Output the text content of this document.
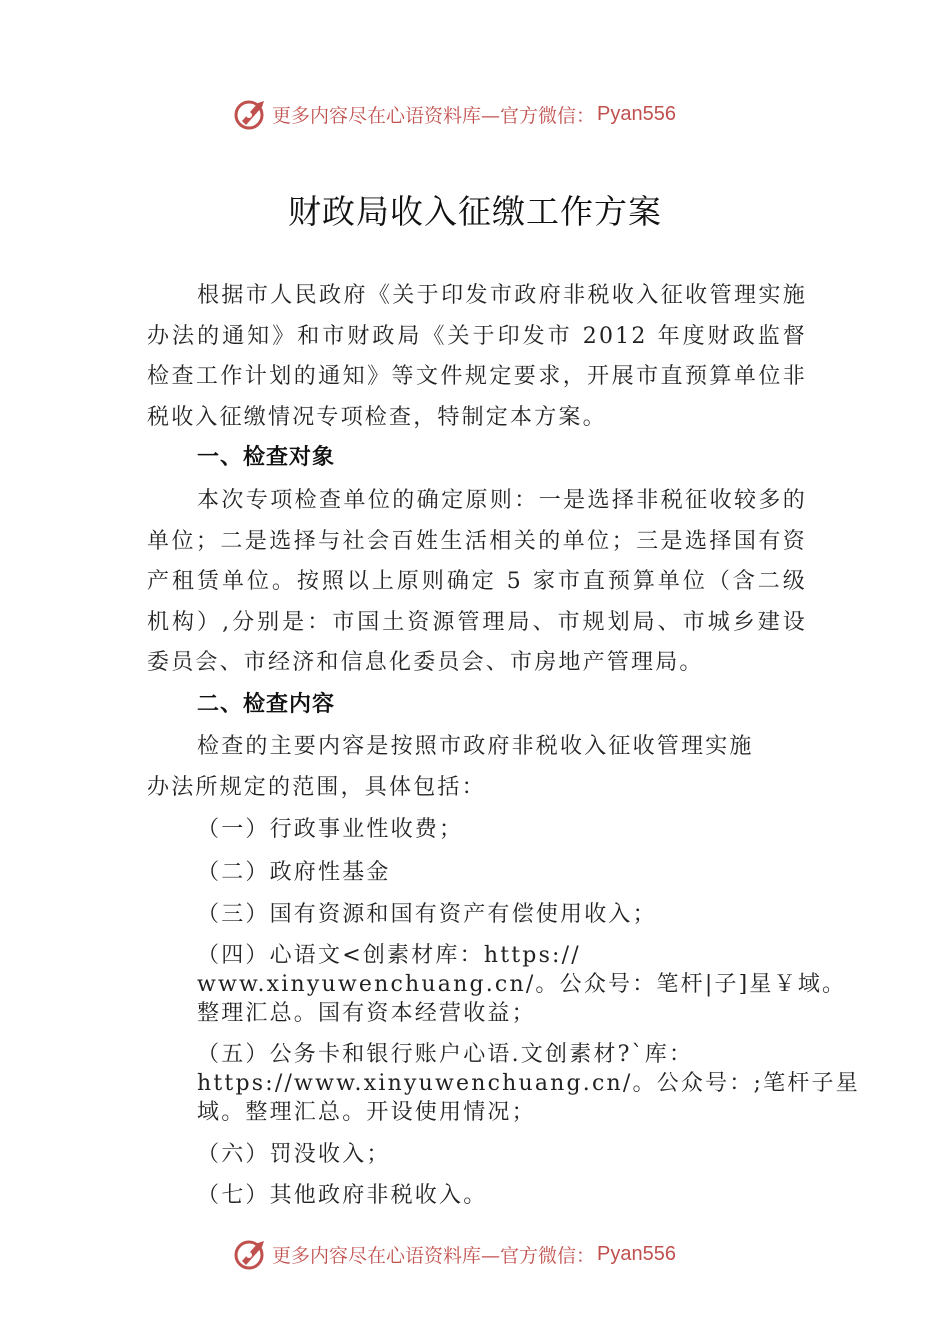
更多内容尽在心语资料库—官方微信： Pyan556
财政局收入征缴工作方案

根据市人民政府《关于印发市政府非税收入征收管理实施办法的通知》和市财政局《关于印发市 2012 年度财政监督检查工作计划的通知》等文件规定要求，开展市直预算单位非税收入征缴情况专项检查，特制定本方案。

一、检查对象

本次专项检查单位的确定原则：一是选择非税征收较多的单位；二是选择与社会百姓生活相关的单位；三是选择国有资产租赁单位。按照以上原则确定 5 家市直预算单位（含二级机构）,分别是：市国土资源管理局、市规划局、市城乡建设委员会、市经济和信息化委员会、市房地产管理局。

二、检查内容
检查的主要内容是按照市政府非税收入征收管理实施
办法所规定的范围，具体包括：
（一）行政事业性收费；
（二）政府性基金
（三）国有资源和国有资产有偿使用收入；
（四）心语文<创素材库：https://
www.xinyuwenchuang.cn/。公众号：笔杆|子]星￥域。
整理汇总。国有资本经营收益；
（五）公务卡和银行账户心语.文创素材?`库：
https://www.xinyuwenchuang.cn/。公众号：;笔杆子星
域。整理汇总。开设使用情况；
（六）罚没收入；
（七）其他政府非税收入。
更多内容尽在心语资料库—官方微信： Pyan556
